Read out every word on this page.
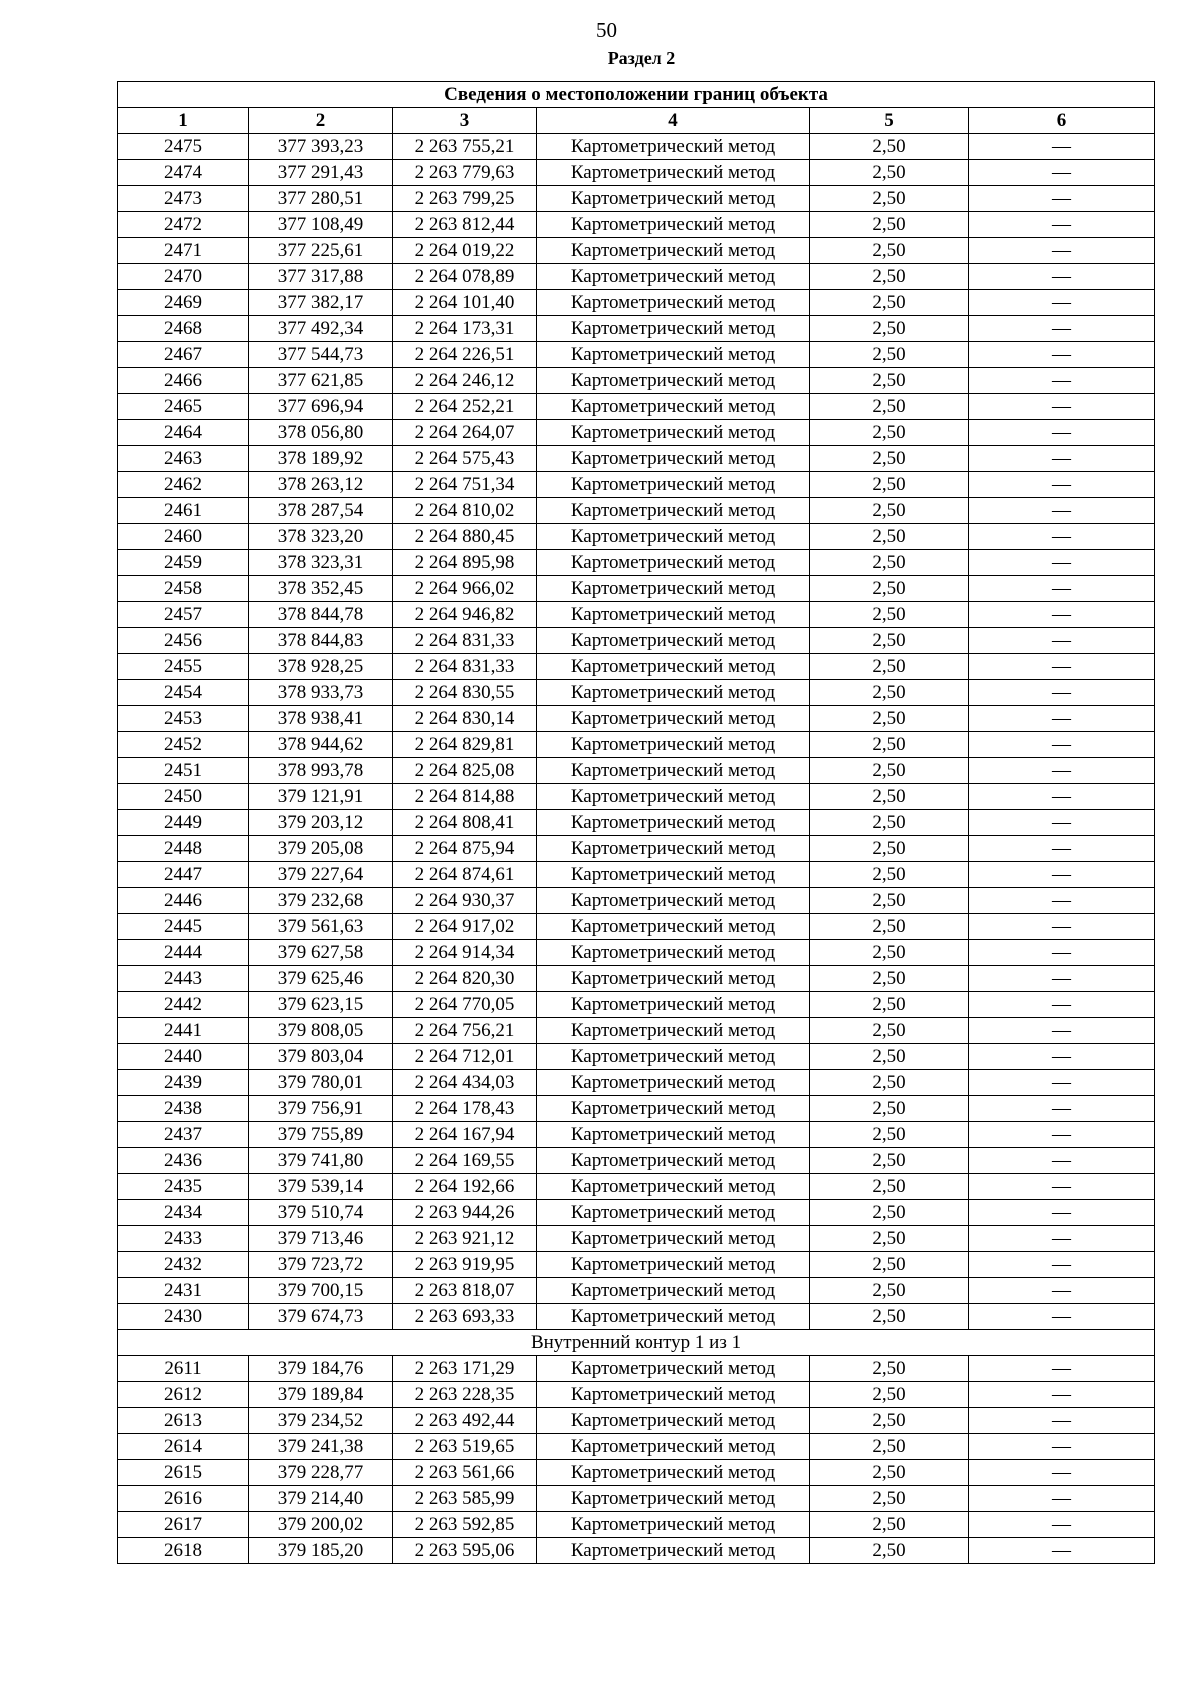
50
Раздел 2
Сведения о местоположении границ объекта					
1	2	3	4	5	6
2475	377 393,23	2 263 755,21	Картометрический метод	2,50	—
2474	377 291,43	2 263 779,63	Картометрический метод	2,50	—
2473	377 280,51	2 263 799,25	Картометрический метод	2,50	—
2472	377 108,49	2 263 812,44	Картометрический метод	2,50	—
2471	377 225,61	2 264 019,22	Картометрический метод	2,50	—
2470	377 317,88	2 264 078,89	Картометрический метод	2,50	—
2469	377 382,17	2 264 101,40	Картометрический метод	2,50	—
2468	377 492,34	2 264 173,31	Картометрический метод	2,50	—
2467	377 544,73	2 264 226,51	Картометрический метод	2,50	—
2466	377 621,85	2 264 246,12	Картометрический метод	2,50	—
2465	377 696,94	2 264 252,21	Картометрический метод	2,50	—
2464	378 056,80	2 264 264,07	Картометрический метод	2,50	—
2463	378 189,92	2 264 575,43	Картометрический метод	2,50	—
2462	378 263,12	2 264 751,34	Картометрический метод	2,50	—
2461	378 287,54	2 264 810,02	Картометрический метод	2,50	—
2460	378 323,20	2 264 880,45	Картометрический метод	2,50	—
2459	378 323,31	2 264 895,98	Картометрический метод	2,50	—
2458	378 352,45	2 264 966,02	Картометрический метод	2,50	—
2457	378 844,78	2 264 946,82	Картометрический метод	2,50	—
2456	378 844,83	2 264 831,33	Картометрический метод	2,50	—
2455	378 928,25	2 264 831,33	Картометрический метод	2,50	—
2454	378 933,73	2 264 830,55	Картометрический метод	2,50	—
2453	378 938,41	2 264 830,14	Картометрический метод	2,50	—
2452	378 944,62	2 264 829,81	Картометрический метод	2,50	—
2451	378 993,78	2 264 825,08	Картометрический метод	2,50	—
2450	379 121,91	2 264 814,88	Картометрический метод	2,50	—
2449	379 203,12	2 264 808,41	Картометрический метод	2,50	—
2448	379 205,08	2 264 875,94	Картометрический метод	2,50	—
2447	379 227,64	2 264 874,61	Картометрический метод	2,50	—
2446	379 232,68	2 264 930,37	Картометрический метод	2,50	—
2445	379 561,63	2 264 917,02	Картометрический метод	2,50	—
2444	379 627,58	2 264 914,34	Картометрический метод	2,50	—
2443	379 625,46	2 264 820,30	Картометрический метод	2,50	—
2442	379 623,15	2 264 770,05	Картометрический метод	2,50	—
2441	379 808,05	2 264 756,21	Картометрический метод	2,50	—
2440	379 803,04	2 264 712,01	Картометрический метод	2,50	—
2439	379 780,01	2 264 434,03	Картометрический метод	2,50	—
2438	379 756,91	2 264 178,43	Картометрический метод	2,50	—
2437	379 755,89	2 264 167,94	Картометрический метод	2,50	—
2436	379 741,80	2 264 169,55	Картометрический метод	2,50	—
2435	379 539,14	2 264 192,66	Картометрический метод	2,50	—
2434	379 510,74	2 263 944,26	Картометрический метод	2,50	—
2433	379 713,46	2 263 921,12	Картометрический метод	2,50	—
2432	379 723,72	2 263 919,95	Картометрический метод	2,50	—
2431	379 700,15	2 263 818,07	Картометрический метод	2,50	—
2430	379 674,73	2 263 693,33	Картометрический метод	2,50	—
Внутренний контур 1 из 1					
2611	379 184,76	2 263 171,29	Картометрический метод	2,50	—
2612	379 189,84	2 263 228,35	Картометрический метод	2,50	—
2613	379 234,52	2 263 492,44	Картометрический метод	2,50	—
2614	379 241,38	2 263 519,65	Картометрический метод	2,50	—
2615	379 228,77	2 263 561,66	Картометрический метод	2,50	—
2616	379 214,40	2 263 585,99	Картометрический метод	2,50	—
2617	379 200,02	2 263 592,85	Картометрический метод	2,50	—
2618	379 185,20	2 263 595,06	Картометрический метод	2,50	—
